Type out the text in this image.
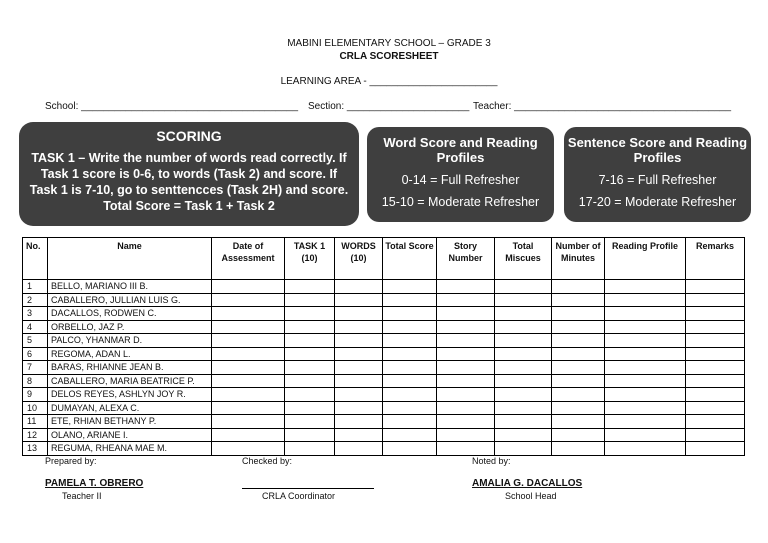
MABINI ELEMENTARY SCHOOL – GRADE 3
CRLA SCORESHEET
LEARNING AREA - _______________________
School: _______________________________________ Section: ______________________ Teacher: _______________________________________
SCORING
TASK 1 – Write the number of words read correctly. If Task 1 score is 0-6, to words (Task 2) and score. If Task 1 is 7-10, go to senttencces (Task 2H) and score. Total Score = Task 1 + Task 2
Word Score and Reading Profiles
0-14 = Full Refresher
15-10 = Moderate Refresher
Sentence Score and Reading Profiles
7-16 = Full Refresher
17-20 = Moderate Refresher
No.	Name	Date of Assessment	TASK 1 (10)	WORDS (10)	Total Score	Story Number	Total Miscues	Number of Minutes	Reading Profile	Remarks
1	BELLO, MARIANO III B.									
2	CABALLERO, JULLIAN LUIS G.									
3	DACALLOS, RODWEN C.									
4	ORBELLO, JAZ P.									
5	PALCO, YHANMAR D.									
6	REGOMA, ADAN L.									
7	BARAS, RHIANNE JEAN B.									
8	CABALLERO, MARIA BEATRICE P.									
9	DELOS REYES, ASHLYN JOY R.									
10	DUMAYAN, ALEXA C.									
11	ETE, RHIAN BETHANY P.									
12	OLANO, ARIANE I.									
13	REGUMA, RHEANA MAE M.									
Prepared by:
PAMELA T. OBRERO
Teacher II
Checked by:
CRLA Coordinator
Noted by:
AMALIA G. DACALLOS
School Head
